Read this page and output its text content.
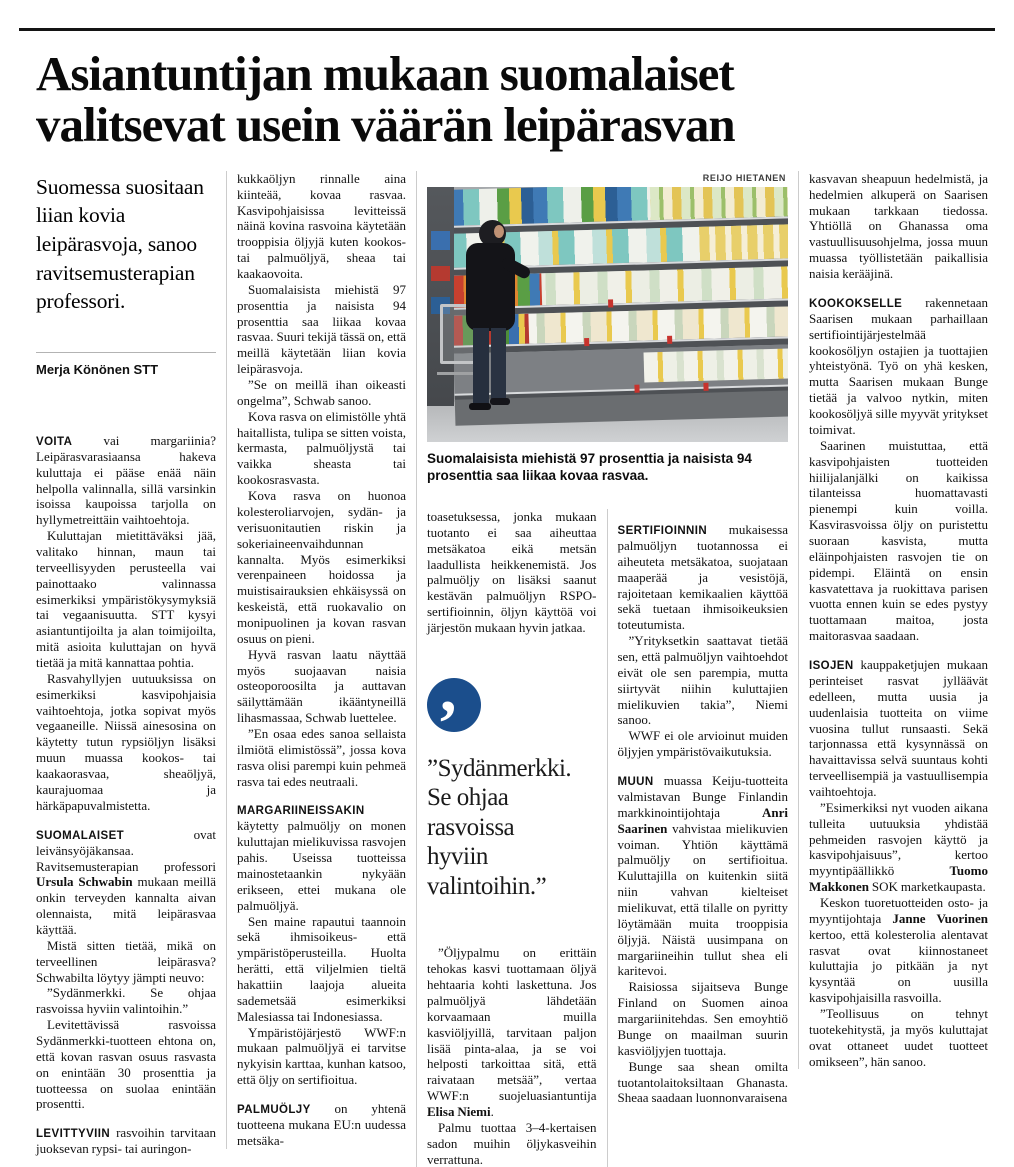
Asiantuntijan mukaan suomalaiset
valitsevat usein väärän leipärasvan
Suomessa suositaan liian kovia leipärasvoja, sanoo ravitsemusterapian professori.
Merja Könönen STT

VOITA vai margariinia? Leipärasvarasiaansa hakeva kuluttaja ei pääse enää näin helpolla valinnalla, sillä varsinkin isoissa kaupoissa tarjolla on hyllymetreittäin vaihtoehtoja.

Kuluttajan mietittäväksi jää, valitako hinnan, maun tai terveellisyyden perusteella vai painottaako valinnassa esimerkiksi ympäristökysymyksiä tai vegaanisuutta. STT kysyi asiantuntijoilta ja alan toimijoilta, mitä asioita kuluttajan on hyvä tietää ja mitä kannattaa pohtia.

Rasvahyllyjen uutuuksissa on esimerkiksi kasvipohjaisia vaihtoehtoja, jotka sopivat myös vegaaneille. Niissä ainesosina on käytetty tutun rypsiöljyn lisäksi muun muassa kookos- tai kaakaorasvaa, sheaöljyä, kaurajuomaa ja härkäpapuvalmistetta.

SUOMALAISET ovat leivänsyöjäkansaa. Ravitsemusterapian professori Ursula Schwabin mukaan meillä onkin terveyden kannalta aivan olennaista, mitä leipärasvaa käyttää.

Mistä sitten tietää, mikä on terveellinen leipärasva? Schwabilta löytyy jämpti neuvo:

”Sydänmerkki. Se ohjaa rasvoissa hyviin valintoihin.”

Levitettävissä rasvoissa Sydänmerkki-tuotteen ehtona on, että kovan rasvan osuus rasvasta on enintään 30 prosenttia ja tuotteessa on suolaa enintään prosentti.

LEVITTYVIIN rasvoihin tarvitaan juoksevan rypsi- tai auringon-

kukkaöljyn rinnalle aina kiinteää, kovaa rasvaa. Kasvipohjaisissa levitteissä näinä kovina rasvoina käytetään trooppisia öljyjä kuten kookos- tai palmuöljyä, sheaa tai kaakaovoita.

Suomalaisista miehistä 97 prosenttia ja naisista 94 prosenttia saa liikaa kovaa rasvaa. Suuri tekijä tässä on, että meillä käytetään liian kovia leipärasvoja.

”Se on meillä ihan oikeasti ongelma”, Schwab sanoo.

Kova rasva on elimistölle yhtä haitallista, tulipa se sitten voista, kermasta, palmuöljystä tai vaikka sheasta tai kookosrasvasta.

Kova rasva on huonoa kolesteroliarvojen, sydän- ja verisuonitautien riskin ja sokeriaineenvaihdunnan kannalta. Myös esimerkiksi verenpaineen hoidossa ja muistisairauksien ehkäisyssä on keskeistä, että ruokavalio on monipuolinen ja kovan rasvan osuus on pieni.

Hyvä rasvan laatu näyttää myös suojaavan naisia osteoporoosilta ja auttavan säilyttämään ikääntyneillä lihasmassaa, Schwab luettelee.

”En osaa edes sanoa sellaista ilmiötä elimistössä”, jossa kova rasva olisi parempi kuin pehmeä rasva tai edes neutraali.

MARGARIINEISSAKIN käytetty palmuöljy on monen kuluttajan mielikuvissa rasvojen pahis. Useissa tuotteissa mainostetaankin nykyään erikseen, ettei mukana ole palmuöljyä.

Sen maine rapautui taannoin sekä ihmisoikeus- että ympäristöperusteilla. Huolta herätti, että viljelmien tieltä hakattiin laajoja alueita sademetsää esimerkiksi Malesiassa tai Indonesiassa.

Ympäristöjärjestö WWF:n mukaan palmuöljyä ei tarvitse nykyisin karttaa, kunhan katsoo, että öljy on sertifioitua.

PALMUÖLJY on yhtenä tuotteena mukana EU:n uudessa metsäka-

REIJO HIETANEN
Suomalaisista miehistä 97 prosenttia ja naisista 94 prosenttia saa liikaa kovaa rasvaa.

toasetuksessa, jonka mukaan tuotanto ei saa aiheuttaa metsäkatoa eikä metsän laadullista heikkenemistä. Jos palmuöljy on lisäksi saanut kestävän palmuöljyn RSPO-sertifioinnin, öljyn käyttöä voi järjestön mukaan hyvin jatkaa.

,
”Sydänmerkki.
Se ohjaa rasvoissa
hyviin valintoihin.”

”Öljypalmu on erittäin tehokas kasvi tuottamaan öljyä hehtaaria kohti laskettuna. Jos palmuöljyä lähdetään korvaamaan muilla kasviöljyillä, tarvitaan paljon lisää pinta-alaa, ja se voi helposti tarkoittaa sitä, että raivataan metsää”, vertaa WWF:n suojeluasiantuntija Elisa Niemi.

Palmu tuottaa 3–4-kertaisen sadon muihin öljykasveihin verrattuna.

SERTIFIOINNIN mukaisessa palmuöljyn tuotannossa ei aiheuteta metsäkatoa, suojataan maaperää ja vesistöjä, rajoitetaan kemikaalien käyttöä sekä tuetaan ihmisoikeuksien toteutumista.

”Yrityksetkin saattavat tietää sen, että palmuöljyn vaihtoehdot eivät ole sen parempia, mutta siirtyvät niihin kuluttajien mielikuvien takia”, Niemi sanoo.

WWF ei ole arvioinut muiden öljyjen ympäristövaikutuksia.

MUUN muassa Keiju-tuotteita valmistavan Bunge Finlandin markkinointijohtaja Anri Saarinen vahvistaa mielikuvien voiman. Yhtiön käyttämä palmuöljy on sertifioitua. Kuluttajilla on kuitenkin siitä niin vahvan kielteiset mielikuvat, että tilalle on pyritty löytämään muita trooppisia öljyjä. Näistä uusimpana on margariineihin tullut shea eli karitevoi.

Raisiossa sijaitseva Bunge Finland on Suomen ainoa margariinitehdas. Sen emoyhtiö Bunge on maailman suurin kasviöljyjen tuottaja.

Bunge saa shean omilta tuotantolaitoksiltaan Ghanasta. Sheaa saadaan luonnonvaraisena

kasvavan sheapuun hedelmistä, ja hedelmien alkuperä on Saarisen mukaan tarkkaan tiedossa. Yhtiöllä on Ghanassa oma vastuullisuusohjelma, jossa muun muassa työllistetään paikallisia naisia kerääjinä.

KOOKOKSELLE rakennetaan Saarisen mukaan parhaillaan sertifiointijärjestelmää kookosöljyn ostajien ja tuottajien yhteistyönä. Työ on yhä kesken, mutta Saarisen mukaan Bunge tietää ja valvoo nytkin, miten kookosöljyä sille myyvät yritykset toimivat.

Saarinen muistuttaa, että kasvipohjaisten tuotteiden hiilijalanjälki on kaikissa tilanteissa huomattavasti pienempi kuin voilla. Kasvirasvoissa öljy on puristettu suoraan kasvista, mutta eläinpohjaisten rasvojen tie on pidempi. Eläintä on ensin kasvatettava ja ruokittava parisen vuotta ennen kuin se edes pystyy tuottamaan maitoa, josta maitorasvaa saadaan.

ISOJEN kauppaketjujen mukaan perinteiset rasvat jylläävät edelleen, mutta uusia ja uudenlaisia tuotteita on viime vuosina tullut runsaasti. Sekä tarjonnassa että kysynnässä on havaittavissa selvä suuntaus kohti terveellisempiä ja vastuullisempia vaihtoehtoja.

”Esimerkiksi nyt vuoden aikana tulleita uutuuksia yhdistää pehmeiden rasvojen käyttö ja kasvipohjaisuus”, kertoo myyntipäällikkö Tuomo Makkonen SOK marketkaupasta.

Keskon tuoretuotteiden osto- ja myyntijohtaja Janne Vuorinen kertoo, että kolesterolia alentavat rasvat ovat kiinnostaneet kuluttajia jo pitkään ja nyt kysyntää on uusilla kasvipohjaisilla rasvoilla.

”Teollisuus on tehnyt tuotekehitystä, ja myös kuluttajat ovat ottaneet uudet tuotteet omikseen”, hän sanoo.
